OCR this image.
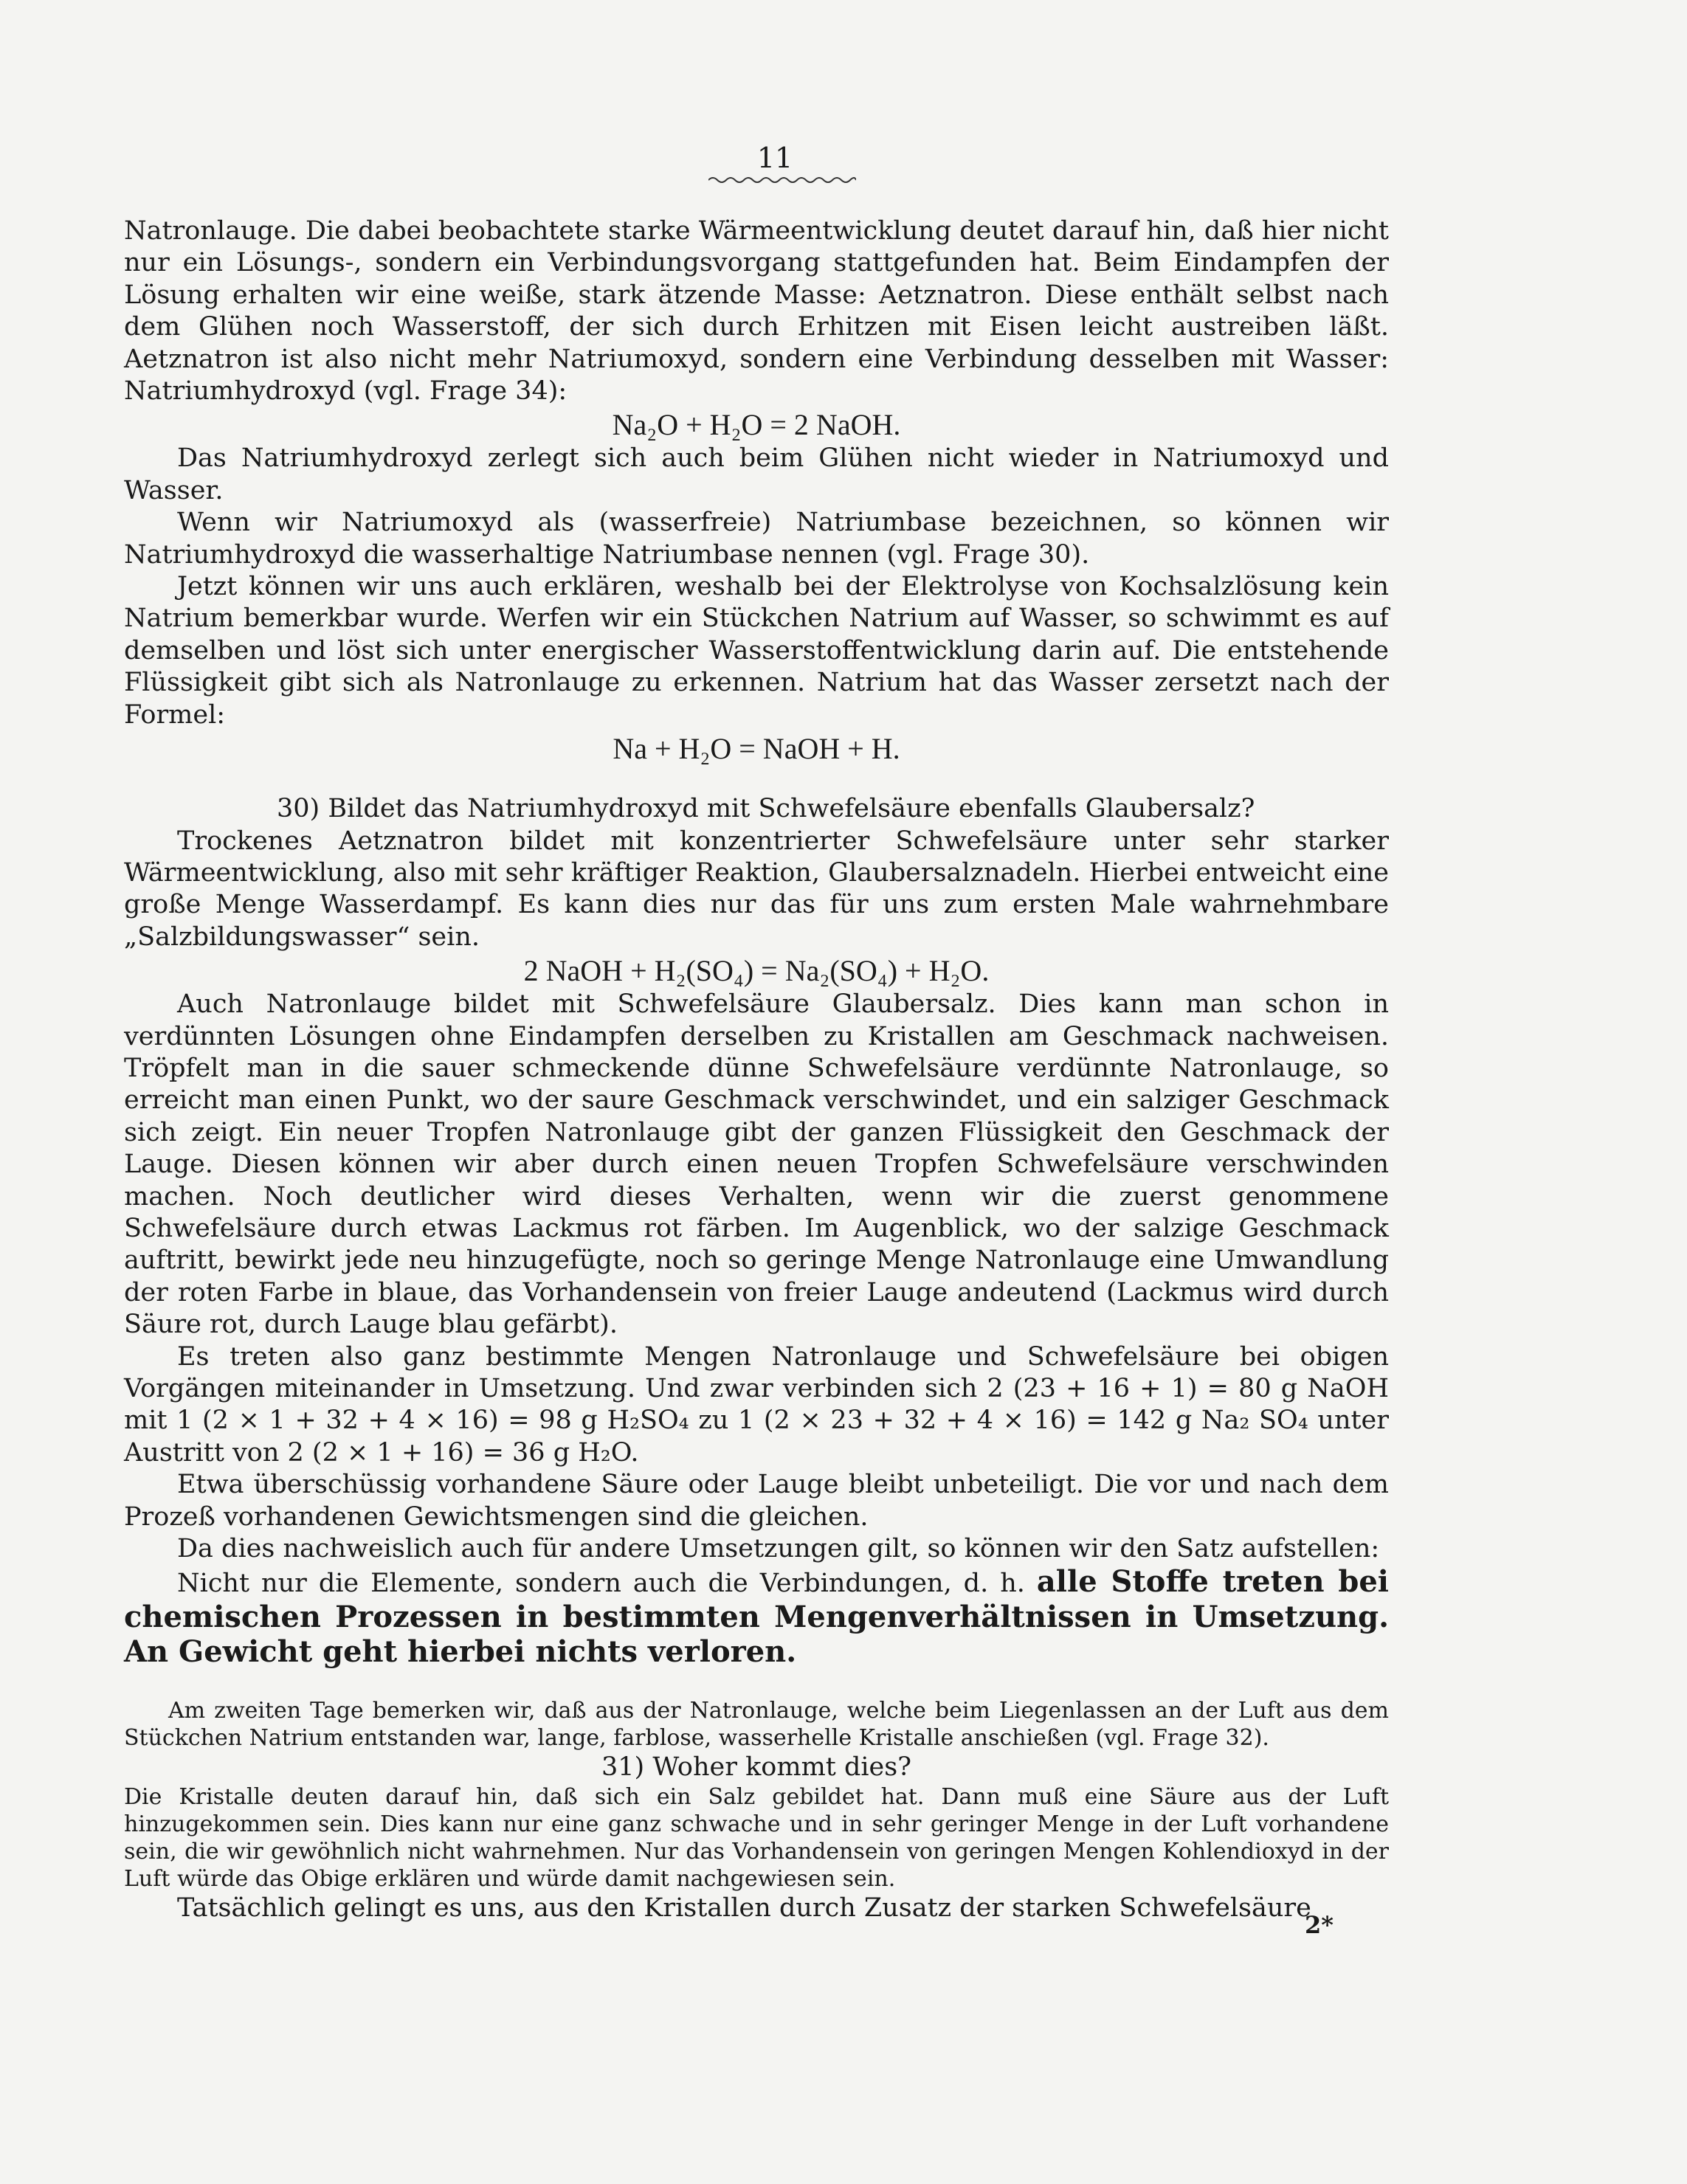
11

Natronlauge. Die dabei beobachtete starke Wärmeentwicklung deutet darauf hin, daß hier nicht nur ein Lösungs-, sondern ein Verbindungsvorgang stattgefunden hat. Beim Eindampfen der Lösung erhalten wir eine weiße, stark ätzende Masse: Aetznatron. Diese enthält selbst nach dem Glühen noch Wasserstoff, der sich durch Erhitzen mit Eisen leicht austreiben läßt. Aetznatron ist also nicht mehr Natriumoxyd, sondern eine Verbindung desselben mit Wasser: Natriumhydroxyd (vgl. Frage 34):

Na₂O + H₂O = 2 NaOH.

Das Natriumhydroxyd zerlegt sich auch beim Glühen nicht wieder in Natriumoxyd und Wasser.

Wenn wir Natriumoxyd als (wasserfreie) Natriumbase bezeichnen, so können wir Natriumhydroxyd die wasserhaltige Natriumbase nennen (vgl. Frage 30).

Jetzt können wir uns auch erklären, weshalb bei der Elektrolyse von Kochsalzlösung kein Natrium bemerkbar wurde. Werfen wir ein Stückchen Natrium auf Wasser, so schwimmt es auf demselben und löst sich unter energischer Wasserstoffentwicklung darin auf. Die entstehende Flüssigkeit gibt sich als Natronlauge zu erkennen. Natrium hat das Wasser zersetzt nach der Formel:

Na + H₂O = NaOH + H.

30) Bildet das Natriumhydroxyd mit Schwefelsäure ebenfalls Glaubersalz?

Trockenes Aetznatron bildet mit konzentrierter Schwefelsäure unter sehr starker Wärmeentwicklung, also mit sehr kräftiger Reaktion, Glaubersalznadeln. Hierbei entweicht eine große Menge Wasserdampf. Es kann dies nur das für uns zum ersten Male wahrnehmbare „Salzbildungswasser“ sein.

2 NaOH + H₂(SO₄) = Na₂(SO₄) + H₂O.

Auch Natronlauge bildet mit Schwefelsäure Glaubersalz. Dies kann man schon in verdünnten Lösungen ohne Eindampfen derselben zu Kristallen am Geschmack nachweisen. Tröpfelt man in die sauer schmeckende dünne Schwefelsäure verdünnte Natronlauge, so erreicht man einen Punkt, wo der saure Geschmack verschwindet, und ein salziger Geschmack sich zeigt. Ein neuer Tropfen Natronlauge gibt der ganzen Flüssigkeit den Geschmack der Lauge. Diesen können wir aber durch einen neuen Tropfen Schwefelsäure verschwinden machen. Noch deutlicher wird dieses Verhalten, wenn wir die zuerst genommene Schwefelsäure durch etwas Lackmus rot färben. Im Augenblick, wo der salzige Geschmack auftritt, bewirkt jede neu hinzugefügte, noch so geringe Menge Natronlauge eine Umwandlung der roten Farbe in blaue, das Vorhandensein von freier Lauge andeutend (Lackmus wird durch Säure rot, durch Lauge blau gefärbt).

Es treten also ganz bestimmte Mengen Natronlauge und Schwefelsäure bei obigen Vorgängen miteinander in Umsetzung. Und zwar verbinden sich 2 (23 + 16 + 1) = 80 g NaOH mit 1 (2 × 1 + 32 + 4 × 16) = 98 g H₂SO₄ zu 1 (2 × 23 + 32 + 4 × 16) = 142 g Na₂ SO₄ unter Austritt von 2 (2 × 1 + 16) = 36 g H₂O.

Etwa überschüssig vorhandene Säure oder Lauge bleibt unbeteiligt. Die vor und nach dem Prozeß vorhandenen Gewichtsmengen sind die gleichen.

Da dies nachweislich auch für andere Umsetzungen gilt, so können wir den Satz aufstellen:

Nicht nur die Elemente, sondern auch die Verbindungen, d. h. alle Stoffe treten bei chemischen Prozessen in bestimmten Mengenverhältnissen in Umsetzung. An Gewicht geht hierbei nichts verloren.

Am zweiten Tage bemerken wir, daß aus der Natronlauge, welche beim Liegenlassen an der Luft aus dem Stückchen Natrium entstanden war, lange, farblose, wasserhelle Kristalle anschießen (vgl. Frage 32).

31) Woher kommt dies?

Die Kristalle deuten darauf hin, daß sich ein Salz gebildet hat. Dann muß eine Säure aus der Luft hinzugekommen sein. Dies kann nur eine ganz schwache und in sehr geringer Menge in der Luft vorhandene sein, die wir gewöhnlich nicht wahrnehmen. Nur das Vorhandensein von geringen Mengen Kohlendioxyd in der Luft würde das Obige erklären und würde damit nachgewiesen sein.

Tatsächlich gelingt es uns, aus den Kristallen durch Zusatz der starken Schwefelsäure

2*
